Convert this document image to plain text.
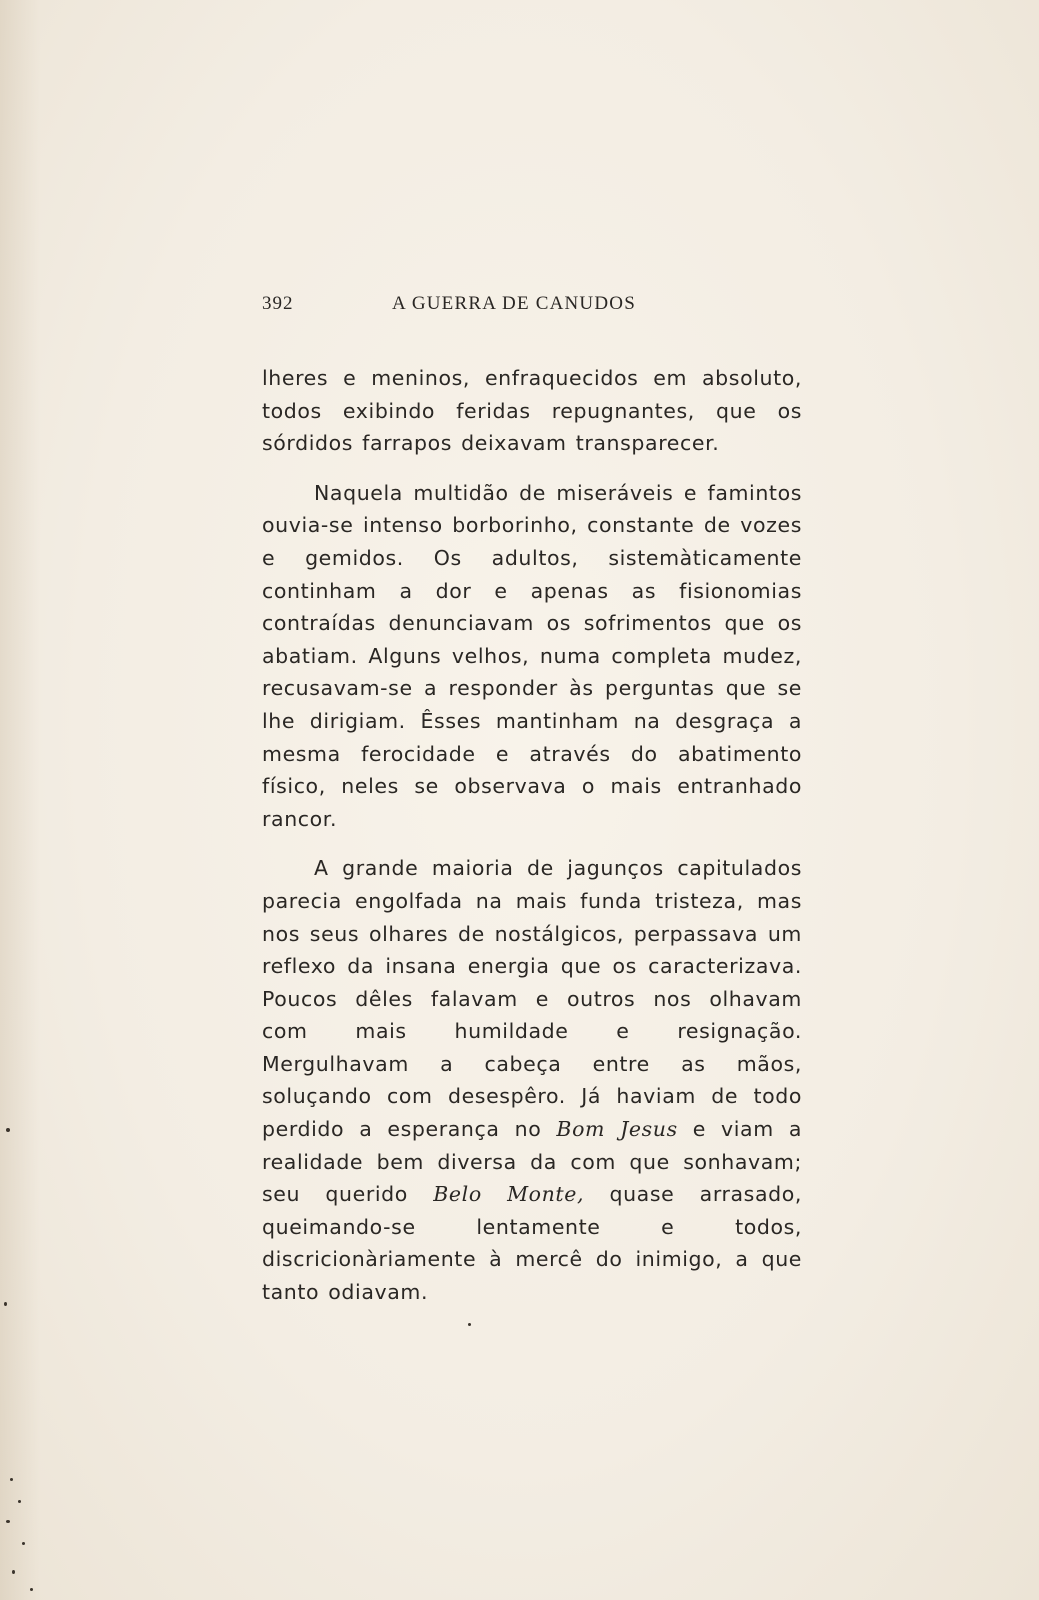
392	A GUERRA DE CANUDOS

lheres e meninos, enfraquecidos em absoluto, todos exibindo feridas repugnantes, que os sórdidos farrapos deixavam transparecer.

Naquela multidão de miseráveis e famintos ouvia-se intenso borborinho, constante de vozes e gemidos. Os adultos, sistemàticamente continham a dor e apenas as fisionomias contraídas denunciavam os sofrimentos que os abatiam. Alguns velhos, numa completa mudez, recusavam-se a responder às perguntas que se lhe dirigiam. Êsses mantinham na desgraça a mesma ferocidade e através do abatimento físico, neles se observava o mais entranhado rancor.

A grande maioria de jagunços capitulados parecia engolfada na mais funda tristeza, mas nos seus olhares de nostálgicos, perpassava um reflexo da insana energia que os caracterizava. Poucos dêles falavam e outros nos olhavam com mais humildade e resignação. Mergulhavam a cabeça entre as mãos, soluçando com desespêro. Já haviam de todo perdido a esperança no Bom Jesus e viam a realidade bem diversa da com que sonhavam; seu querido Belo Monte, quase arrasado, queimando-se lentamente e todos, discricionàriamente à mercê do inimigo, a que tanto odiavam.
